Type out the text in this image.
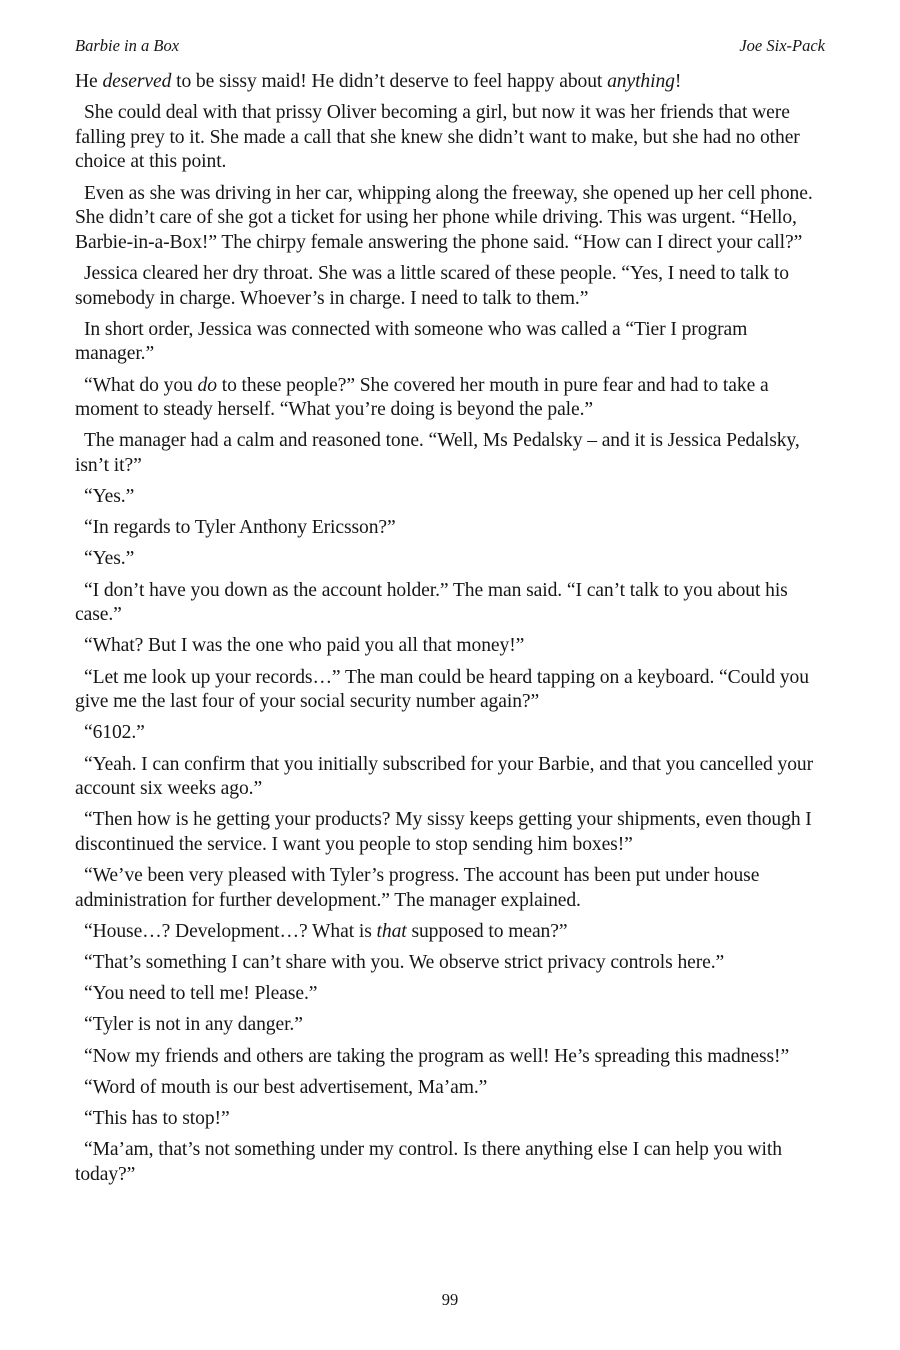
Barbie in a Box	Joe Six-Pack

He deserved to be sissy maid! He didn’t deserve to feel happy about anything!

She could deal with that prissy Oliver becoming a girl, but now it was her friends that were falling prey to it. She made a call that she knew she didn’t want to make, but she had no other choice at this point.

Even as she was driving in her car, whipping along the freeway, she opened up her cell phone. She didn’t care of she got a ticket for using her phone while driving. This was urgent. “Hello, Barbie-in-a-Box!” The chirpy female answering the phone said. “How can I direct your call?”

Jessica cleared her dry throat. She was a little scared of these people. “Yes, I need to talk to somebody in charge. Whoever’s in charge. I need to talk to them.”

In short order, Jessica was connected with someone who was called a “Tier I program manager.”

“What do you do to these people?” She covered her mouth in pure fear and had to take a moment to steady herself. “What you’re doing is beyond the pale.”

The manager had a calm and reasoned tone. “Well, Ms Pedalsky – and it is Jessica Pedalsky, isn’t it?”

“Yes.”

“In regards to Tyler Anthony Ericsson?”

“Yes.”

“I don’t have you down as the account holder.” The man said. “I can’t talk to you about his case.”

“What? But I was the one who paid you all that money!”

“Let me look up your records…” The man could be heard tapping on a keyboard. “Could you give me the last four of your social security number again?”

“6102.”

“Yeah. I can confirm that you initially subscribed for your Barbie, and that you cancelled your account six weeks ago.”

“Then how is he getting your products? My sissy keeps getting your shipments, even though I discontinued the service. I want you people to stop sending him boxes!”

“We’ve been very pleased with Tyler’s progress. The account has been put under house administration for further development.” The manager explained.

“House…? Development…? What is that supposed to mean?”

“That’s something I can’t share with you. We observe strict privacy controls here.”

“You need to tell me! Please.”

“Tyler is not in any danger.”

“Now my friends and others are taking the program as well! He’s spreading this madness!”

“Word of mouth is our best advertisement, Ma’am.”

“This has to stop!”

“Ma’am, that’s not something under my control. Is there anything else I can help you with today?”

99
